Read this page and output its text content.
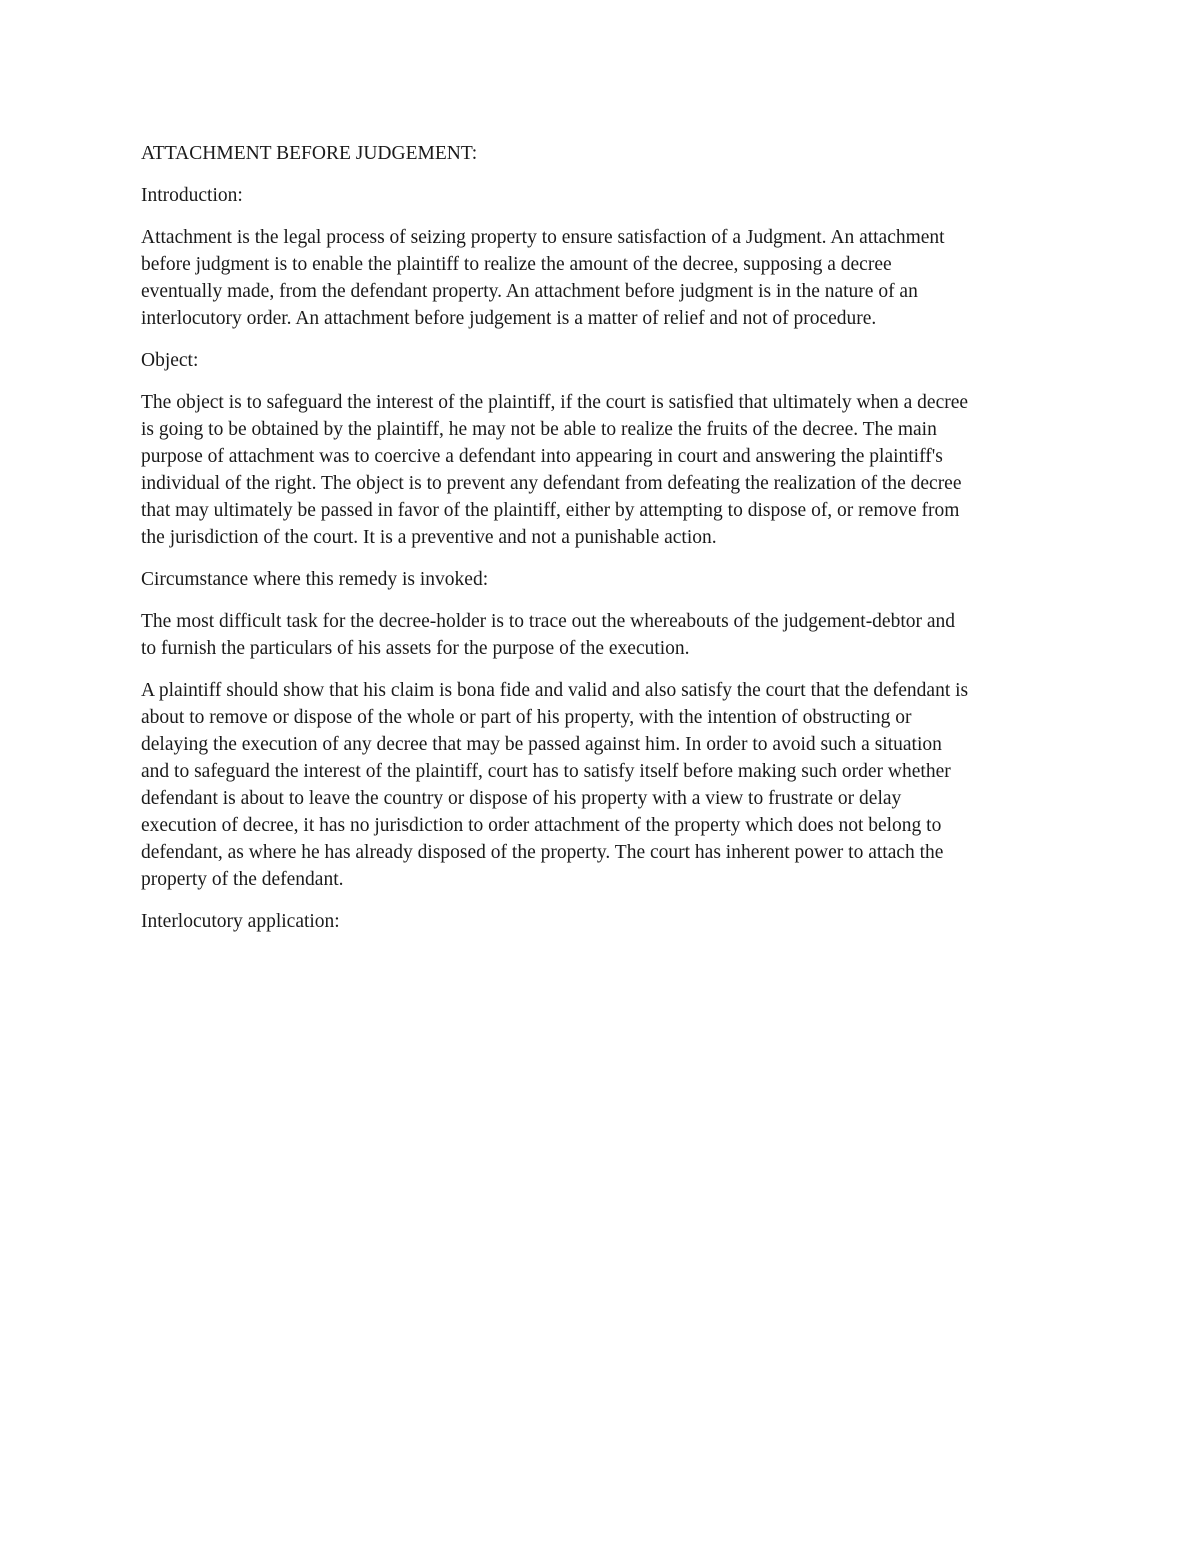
ATTACHMENT BEFORE JUDGEMENT:
Introduction:
Attachment is the legal process of seizing property to ensure satisfaction of a Judgment. An attachment
before judgment is to enable the plaintiff to realize the amount of the decree, supposing a decree
eventually made, from the defendant property. An attachment before judgment is in the nature of an
interlocutory order. An attachment before judgement is a matter of relief and not of procedure.
Object:
The object is to safeguard the interest of the plaintiff, if the court is satisfied that ultimately when a decree
is going to be obtained by the plaintiff, he may not be able to realize the fruits of the decree. The main
purpose of attachment was to coercive a defendant into appearing in court and answering the plaintiff's
individual of the right. The object is to prevent any defendant from defeating the realization of the decree
that may ultimately be passed in favor of the plaintiff, either by attempting to dispose of, or remove from
the jurisdiction of the court. It is a preventive and not a punishable action.
Circumstance where this remedy is invoked:
The most difficult task for the decree-holder is to trace out the whereabouts of the judgement-debtor and
to furnish the particulars of his assets for the purpose of the execution.
A plaintiff should show that his claim is bona fide and valid and also satisfy the court that the defendant is
about to remove or dispose of the whole or part of his property, with the intention of obstructing or
delaying the execution of any decree that may be passed against him. In order to avoid such a situation
and to safeguard the interest of the plaintiff, court has to satisfy itself before making such order whether
defendant is about to leave the country or dispose of his property with a view to frustrate or delay
execution of decree, it has no jurisdiction to order attachment of the property which does not belong to
defendant, as where he has already disposed of the property. The court has inherent power to attach the
property of the defendant.
Interlocutory application:
